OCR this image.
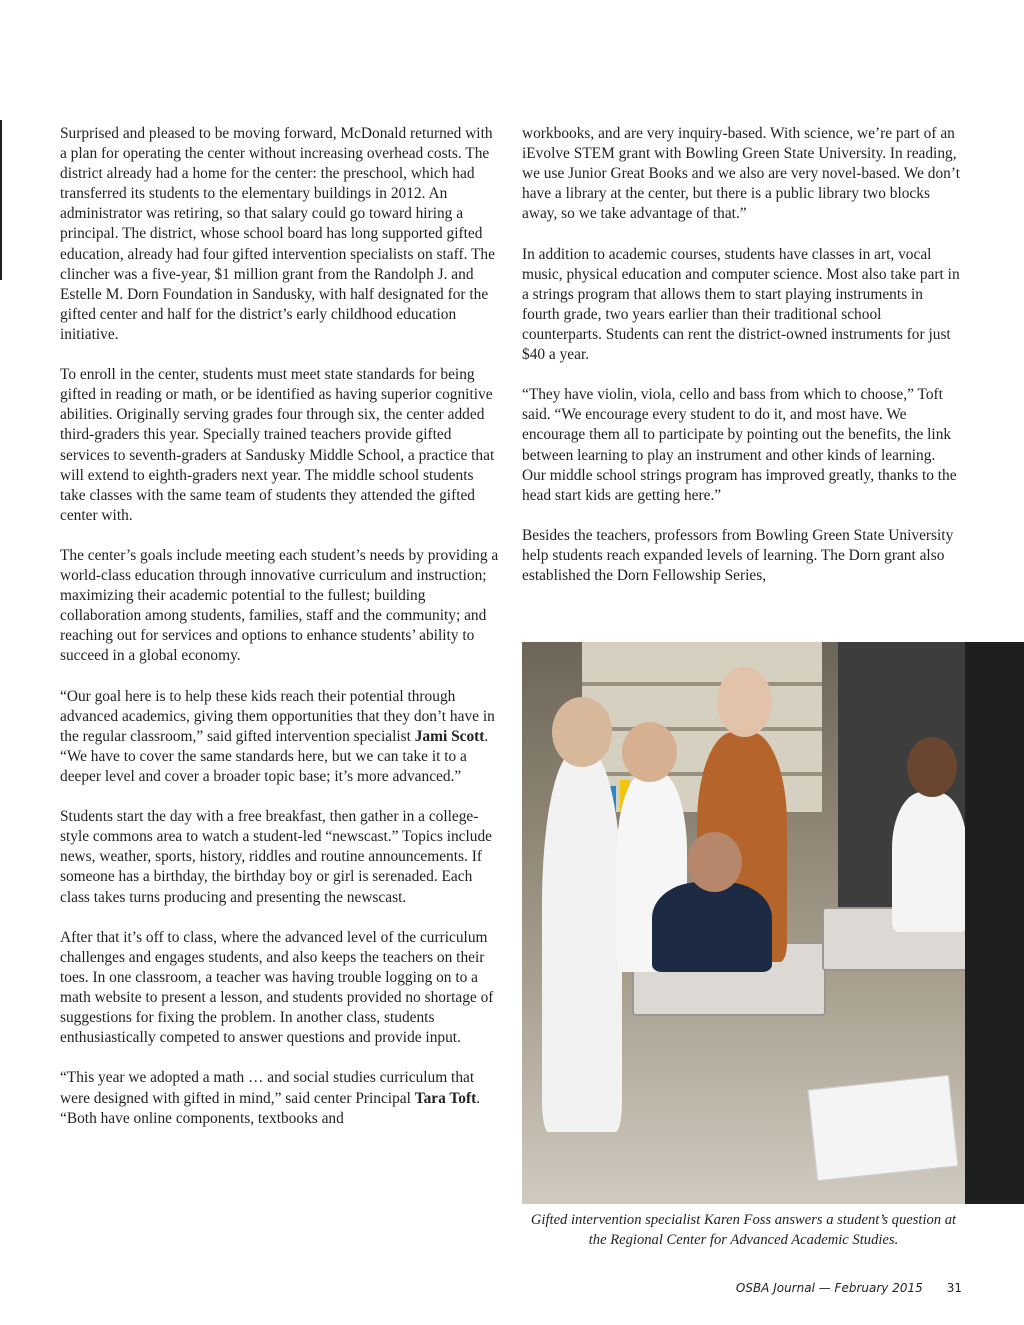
Surprised and pleased to be moving forward, McDonald returned with a plan for operating the center without increasing overhead costs. The district already had a home for the center: the preschool, which had transferred its students to the elementary buildings in 2012. An administrator was retiring, so that salary could go toward hiring a principal. The district, whose school board has long supported gifted education, already had four gifted intervention specialists on staff. The clincher was a five-year, $1 million grant from the Randolph J. and Estelle M. Dorn Foundation in Sandusky, with half designated for the gifted center and half for the district’s early childhood education initiative.

To enroll in the center, students must meet state standards for being gifted in reading or math, or be identified as having superior cognitive abilities. Originally serving grades four through six, the center added third-graders this year. Specially trained teachers provide gifted services to seventh-graders at Sandusky Middle School, a practice that will extend to eighth-graders next year. The middle school students take classes with the same team of students they attended the gifted center with.

The center’s goals include meeting each student’s needs by providing a world-class education through innovative curriculum and instruction; maximizing their academic potential to the fullest; building collaboration among students, families, staff and the community; and reaching out for services and options to enhance students’ ability to succeed in a global economy.

“Our goal here is to help these kids reach their potential through advanced academics, giving them opportunities that they don’t have in the regular classroom,” said gifted intervention specialist Jami Scott. “We have to cover the same standards here, but we can take it to a deeper level and cover a broader topic base; it’s more advanced.”

Students start the day with a free breakfast, then gather in a college-style commons area to watch a student-led “newscast.” Topics include news, weather, sports, history, riddles and routine announcements. If someone has a birthday, the birthday boy or girl is serenaded. Each class takes turns producing and presenting the newscast.

After that it’s off to class, where the advanced level of the curriculum challenges and engages students, and also keeps the teachers on their toes. In one classroom, a teacher was having trouble logging on to a math website to present a lesson, and students provided no shortage of suggestions for fixing the problem. In another class, students enthusiastically competed to answer questions and provide input.

“This year we adopted a math … and social studies curriculum that were designed with gifted in mind,” said center Principal Tara Toft. “Both have online components, textbooks and

workbooks, and are very inquiry-based. With science, we’re part of an iEvolve STEM grant with Bowling Green State University. In reading, we use Junior Great Books and we also are very novel-based. We don’t have a library at the center, but there is a public library two blocks away, so we take advantage of that.”

In addition to academic courses, students have classes in art, vocal music, physical education and computer science. Most also take part in a strings program that allows them to start playing instruments in fourth grade, two years earlier than their traditional school counterparts. Students can rent the district-owned instruments for just $40 a year.

“They have violin, viola, cello and bass from which to choose,” Toft said. “We encourage every student to do it, and most have. We encourage them all to participate by pointing out the benefits, the link between learning to play an instrument and other kinds of learning. Our middle school strings program has improved greatly, thanks to the head start kids are getting here.”

Besides the teachers, professors from Bowling Green State University help students reach expanded levels of learning. The Dorn grant also established the Dorn Fellowship Series,

Gifted intervention specialist Karen Foss answers a student’s question at the Regional Center for Advanced Academic Studies.
OSBA Journal — February 2015 31
